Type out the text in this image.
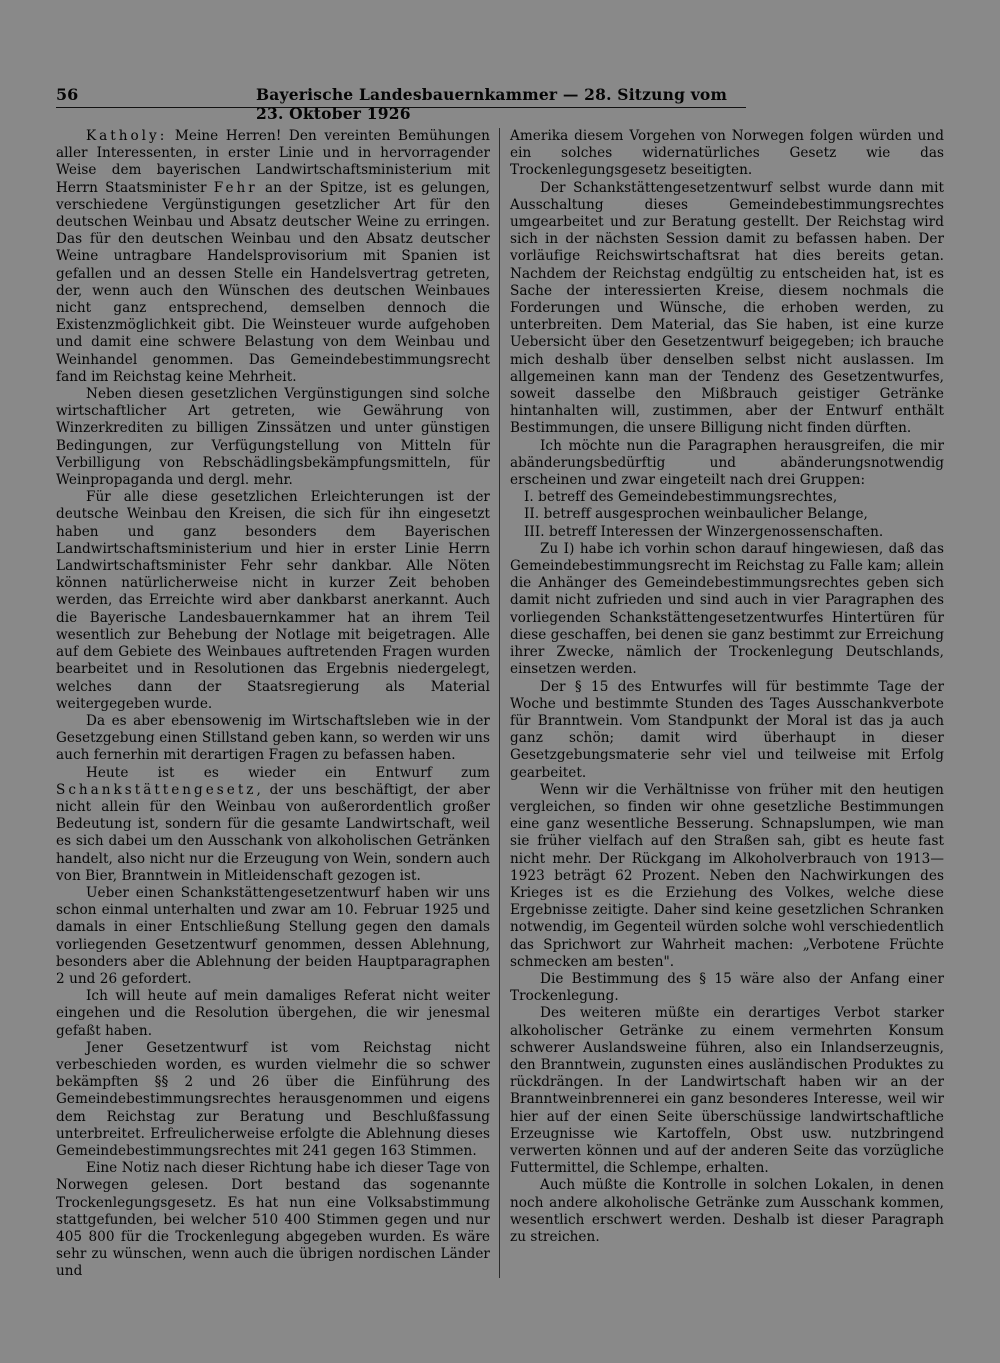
56	Bayerische Landesbauernkammer — 28. Sitzung vom 23. Oktober 1926

Katholy: Meine Herren! Den vereinten Bemühungen aller Interessenten, in erster Linie und in hervorragender Weise dem bayerischen Landwirtschaftsministerium mit Herrn Staatsminister Fehr an der Spitze, ist es gelungen, verschiedene Vergünstigungen gesetzlicher Art für den deutschen Weinbau und Absatz deutscher Weine zu erringen. Das für den deutschen Weinbau und den Absatz deutscher Weine untragbare Handelsprovisorium mit Spanien ist gefallen und an dessen Stelle ein Handelsvertrag getreten, der, wenn auch den Wünschen des deutschen Weinbaues nicht ganz entsprechend, demselben dennoch die Existenzmöglichkeit gibt. Die Weinsteuer wurde aufgehoben und damit eine schwere Belastung von dem Weinbau und Weinhandel genommen. Das Gemeindebestimmungsrecht fand im Reichstag keine Mehrheit.

Neben diesen gesetzlichen Vergünstigungen sind solche wirtschaftlicher Art getreten, wie Gewährung von Winzerkrediten zu billigen Zinssätzen und unter günstigen Bedingungen, zur Verfügungstellung von Mitteln für Verbilligung von Rebschädlingsbekämpfungsmitteln, für Weinpropaganda und dergl. mehr.

Für alle diese gesetzlichen Erleichterungen ist der deutsche Weinbau den Kreisen, die sich für ihn eingesetzt haben und ganz besonders dem Bayerischen Landwirtschaftsministerium und hier in erster Linie Herrn Landwirtschaftsminister Fehr sehr dankbar. Alle Nöten können natürlicherweise nicht in kurzer Zeit behoben werden, das Erreichte wird aber dankbarst anerkannt. Auch die Bayerische Landesbauernkammer hat an ihrem Teil wesentlich zur Behebung der Notlage mit beigetragen. Alle auf dem Gebiete des Weinbaues auftretenden Fragen wurden bearbeitet und in Resolutionen das Ergebnis niedergelegt, welches dann der Staatsregierung als Material weitergegeben wurde.

Da es aber ebensowenig im Wirtschaftsleben wie in der Gesetzgebung einen Stillstand geben kann, so werden wir uns auch fernerhin mit derartigen Fragen zu befassen haben.

Heute ist es wieder ein Entwurf zum Schankstättengesetz, der uns beschäftigt, der aber nicht allein für den Weinbau von außerordentlich großer Bedeutung ist, sondern für die gesamte Landwirtschaft, weil es sich dabei um den Ausschank von alkoholischen Getränken handelt, also nicht nur die Erzeugung von Wein, sondern auch von Bier, Branntwein in Mitleidenschaft gezogen ist.

Ueber einen Schankstättengesetzentwurf haben wir uns schon einmal unterhalten und zwar am 10. Februar 1925 und damals in einer Entschließung Stellung gegen den damals vorliegenden Gesetzentwurf genommen, dessen Ablehnung, besonders aber die Ablehnung der beiden Hauptparagraphen 2 und 26 gefordert.

Ich will heute auf mein damaliges Referat nicht weiter eingehen und die Resolution übergehen, die wir jenesmal gefaßt haben.

Jener Gesetzentwurf ist vom Reichstag nicht verbeschieden worden, es wurden vielmehr die so schwer bekämpften §§ 2 und 26 über die Einführung des Gemeindebestimmungsrechtes herausgenommen und eigens dem Reichstag zur Beratung und Beschlußfassung unterbreitet. Erfreulicherweise erfolgte die Ablehnung dieses Gemeindebestimmungsrechtes mit 241 gegen 163 Stimmen.

Eine Notiz nach dieser Richtung habe ich dieser Tage von Norwegen gelesen. Dort bestand das sogenannte Trockenlegungsgesetz. Es hat nun eine Volksabstimmung stattgefunden, bei welcher 510 400 Stimmen gegen und nur 405 800 für die Trockenlegung abgegeben wurden. Es wäre sehr zu wünschen, wenn auch die übrigen nordischen Länder und

Amerika diesem Vorgehen von Norwegen folgen würden und ein solches widernatürliches Gesetz wie das Trockenlegungsgesetz beseitigten.

Der Schankstättengesetzentwurf selbst wurde dann mit Ausschaltung dieses Gemeindebestimmungsrechtes umgearbeitet und zur Beratung gestellt. Der Reichstag wird sich in der nächsten Session damit zu befassen haben. Der vorläufige Reichswirtschaftsrat hat dies bereits getan. Nachdem der Reichstag endgültig zu entscheiden hat, ist es Sache der interessierten Kreise, diesem nochmals die Forderungen und Wünsche, die erhoben werden, zu unterbreiten. Dem Material, das Sie haben, ist eine kurze Uebersicht über den Gesetzentwurf beigegeben; ich brauche mich deshalb über denselben selbst nicht auslassen. Im allgemeinen kann man der Tendenz des Gesetzentwurfes, soweit dasselbe den Mißbrauch geistiger Getränke hintanhalten will, zustimmen, aber der Entwurf enthält Bestimmungen, die unsere Billigung nicht finden dürften.

Ich möchte nun die Paragraphen herausgreifen, die mir abänderungsbedürftig und abänderungsnotwendig erscheinen und zwar eingeteilt nach drei Gruppen:

I. betreff des Gemeindebestimmungsrechtes,
II. betreff ausgesprochen weinbaulicher Belange,
III. betreff Interessen der Winzergenossenschaften.

Zu I) habe ich vorhin schon darauf hingewiesen, daß das Gemeindebestimmungsrecht im Reichstag zu Falle kam; allein die Anhänger des Gemeindebestimmungsrechtes geben sich damit nicht zufrieden und sind auch in vier Paragraphen des vorliegenden Schankstättengesetzentwurfes Hintertüren für diese geschaffen, bei denen sie ganz bestimmt zur Erreichung ihrer Zwecke, nämlich der Trockenlegung Deutschlands, einsetzen werden.

Der § 15 des Entwurfes will für bestimmte Tage der Woche und bestimmte Stunden des Tages Ausschankverbote für Branntwein. Vom Standpunkt der Moral ist das ja auch ganz schön; damit wird überhaupt in dieser Gesetzgebungsmaterie sehr viel und teilweise mit Erfolg gearbeitet.

Wenn wir die Verhältnisse von früher mit den heutigen vergleichen, so finden wir ohne gesetzliche Bestimmungen eine ganz wesentliche Besserung. Schnapslumpen, wie man sie früher vielfach auf den Straßen sah, gibt es heute fast nicht mehr. Der Rückgang im Alkoholverbrauch von 1913—1923 beträgt 62 Prozent. Neben den Nachwirkungen des Krieges ist es die Erziehung des Volkes, welche diese Ergebnisse zeitigte. Daher sind keine gesetzlichen Schranken notwendig, im Gegenteil würden solche wohl verschiedentlich das Sprichwort zur Wahrheit machen: „Verbotene Früchte schmecken am besten".

Die Bestimmung des § 15 wäre also der Anfang einer Trockenlegung.

Des weiteren müßte ein derartiges Verbot starker alkoholischer Getränke zu einem vermehrten Konsum schwerer Auslandsweine führen, also ein Inlandserzeugnis, den Branntwein, zugunsten eines ausländischen Produktes zu rückdrängen. In der Landwirtschaft haben wir an der Branntweinbrennerei ein ganz besonderes Interesse, weil wir hier auf der einen Seite überschüssige landwirtschaftliche Erzeugnisse wie Kartoffeln, Obst usw. nutzbringend verwerten können und auf der anderen Seite das vorzügliche Futtermittel, die Schlempe, erhalten.

Auch müßte die Kontrolle in solchen Lokalen, in denen noch andere alkoholische Getränke zum Ausschank kommen, wesentlich erschwert werden. Deshalb ist dieser Paragraph zu streichen.
